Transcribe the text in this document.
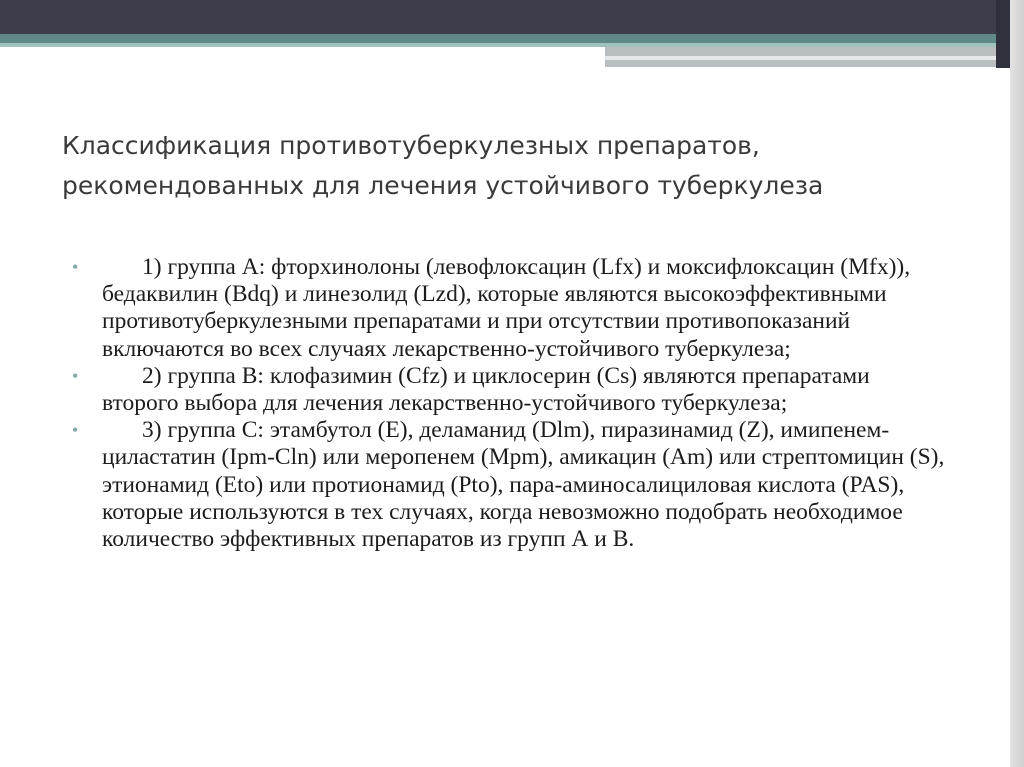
Классификация противотуберкулезных препаратов, рекомендованных для лечения устойчивого туберкулеза
•	1) группа А: фторхинолоны (левофлоксацин (Lfx) и моксифлоксацин (Mfx)), бедаквилин (Bdq) и линезолид (Lzd), которые являются высокоэффективными противотуберкулезными препаратами и при отсутствии противопоказаний включаются во всех случаях лекарственно-устойчивого туберкулеза;
•	2) группа В: клофазимин (Cfz) и циклосерин (Cs) являются препаратами второго выбора для лечения лекарственно-устойчивого туберкулеза;
•	3) группа С: этамбутол (Е), деламанид (Dlm), пиразинамид (Z), имипенем-циластатин (Ipm-Cln) или меропенем (Mpm), амикацин (Am) или стрептомицин (S), этионамид (Eto) или протионамид (Pto), пара-аминосалициловая кислота (PAS), которые используются в тех случаях, когда невозможно подобрать необходимое количество эффективных препаратов из групп А и В.
